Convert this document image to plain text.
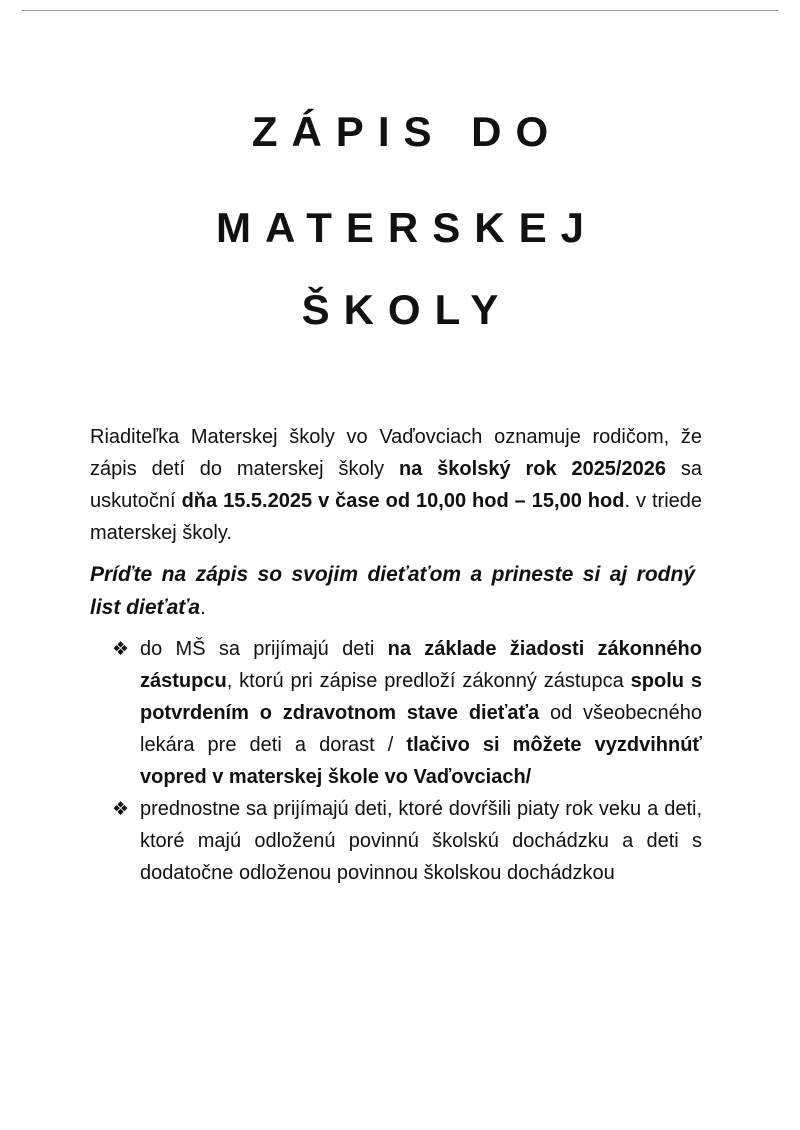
ZÁPIS DO
MATERSKEJ
ŠKOLY
Riaditeľka Materskej školy vo Vaďovciach oznamuje rodičom, že zápis detí do materskej školy na školský rok 2025/2026 sa uskutoční dňa 15.5.2025 v čase od 10,00 hod – 15,00 hod. v triede materskej školy.
Príďte na zápis so svojim dieťaťom a prineste si aj rodný list dieťaťa.
❖ do MŠ sa prijímajú deti na základe žiadosti zákonného zástupcu, ktorú pri zápise predloží zákonný zástupca spolu s potvrdením o zdravotnom stave dieťaťa od všeobecného lekára pre deti a dorast / tlačivo si môžete vyzdvihnúť vopred v materskej škole vo Vaďovciach/
❖ prednostne sa prijímajú deti, ktoré dovŕšili piaty rok veku a deti, ktoré majú odloženú povinnú školskú dochádzku a deti s dodatočne odloženou povinnou školskou dochádzkou
